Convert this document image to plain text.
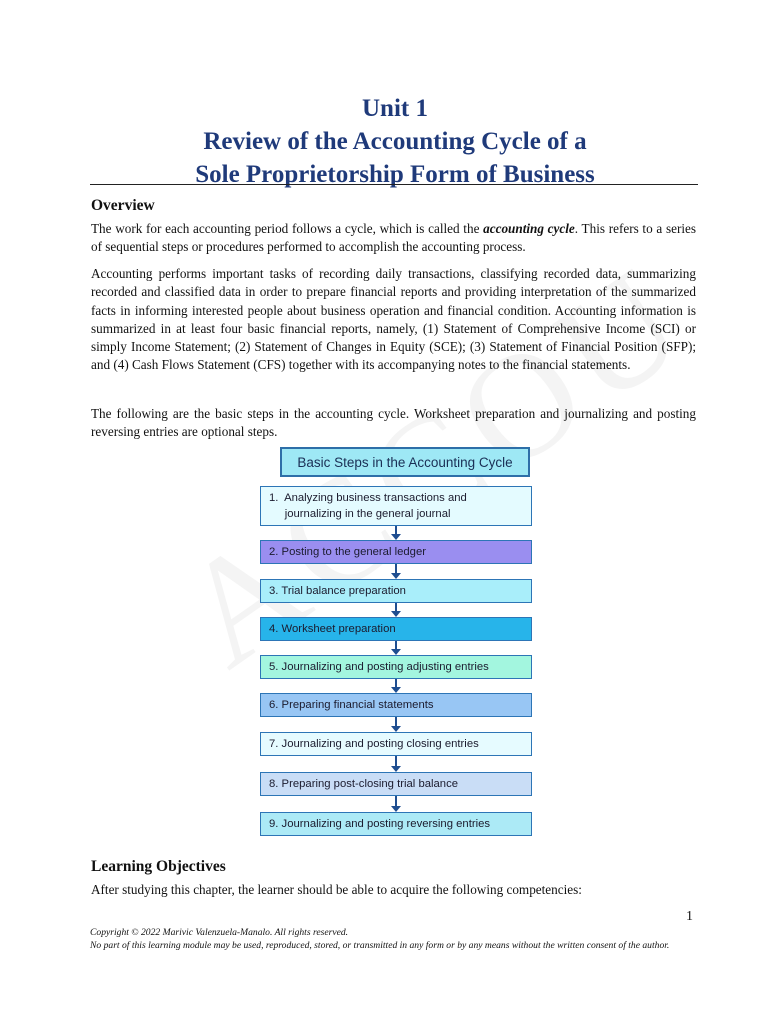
Unit 1
Review of the Accounting Cycle of a
Sole Proprietorship Form of Business
Overview
The work for each accounting period follows a cycle, which is called the accounting cycle. This refers to a series of sequential steps or procedures performed to accomplish the accounting process.
Accounting performs important tasks of recording daily transactions, classifying recorded data, summarizing recorded and classified data in order to prepare financial reports and providing interpretation of the summarized facts in informing interested people about business operation and financial condition. Accounting information is summarized in at least four basic financial reports, namely, (1) Statement of Comprehensive Income (SCI) or simply Income Statement; (2) Statement of Changes in Equity (SCE); (3) Statement of Financial Position (SFP); and (4) Cash Flows Statement (CFS) together with its accompanying notes to the financial statements.
The following are the basic steps in the accounting cycle. Worksheet preparation and journalizing and posting reversing entries are optional steps.
Basic Steps in the Accounting Cycle
1.  Analyzing business transactions and
journalizing in the general journal
2. Posting to the general ledger
3. Trial balance preparation
4. Worksheet preparation
5. Journalizing and posting adjusting entries
6. Preparing financial statements
7. Journalizing and posting closing entries
8. Preparing post-closing trial balance
9. Journalizing and posting reversing entries
Learning Objectives
After studying this chapter, the learner should be able to acquire the following competencies:
1
Copyright © 2022 Marivic Valenzuela-Manalo. All rights reserved.
No part of this learning module may be used, reproduced, stored, or transmitted in any form or by any means without the written consent of the author.
